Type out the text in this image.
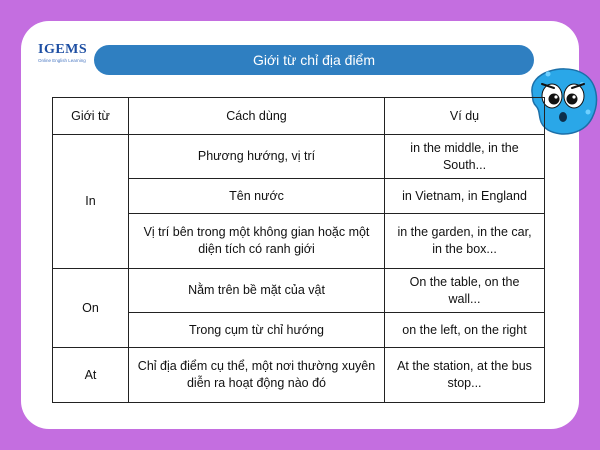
IGEMS
Online English Learning	Giới từ chỉ địa điểm
Giới từ	Cách dùng	Ví dụ
In	Phương hướng, vị trí	in the middle, in the South...
	Tên nước	in Vietnam, in England
	Vị trí bên trong một không gian hoặc một diện tích có ranh giới	in the garden, in the car, in the box...
On	Nằm trên bề mặt của vật	On the table, on the wall...
	Trong cụm từ chỉ hướng	on the left, on the right
At	Chỉ địa điểm cụ thể, một nơi thường xuyên diễn ra hoạt động nào đó	At the station, at the bus stop...
